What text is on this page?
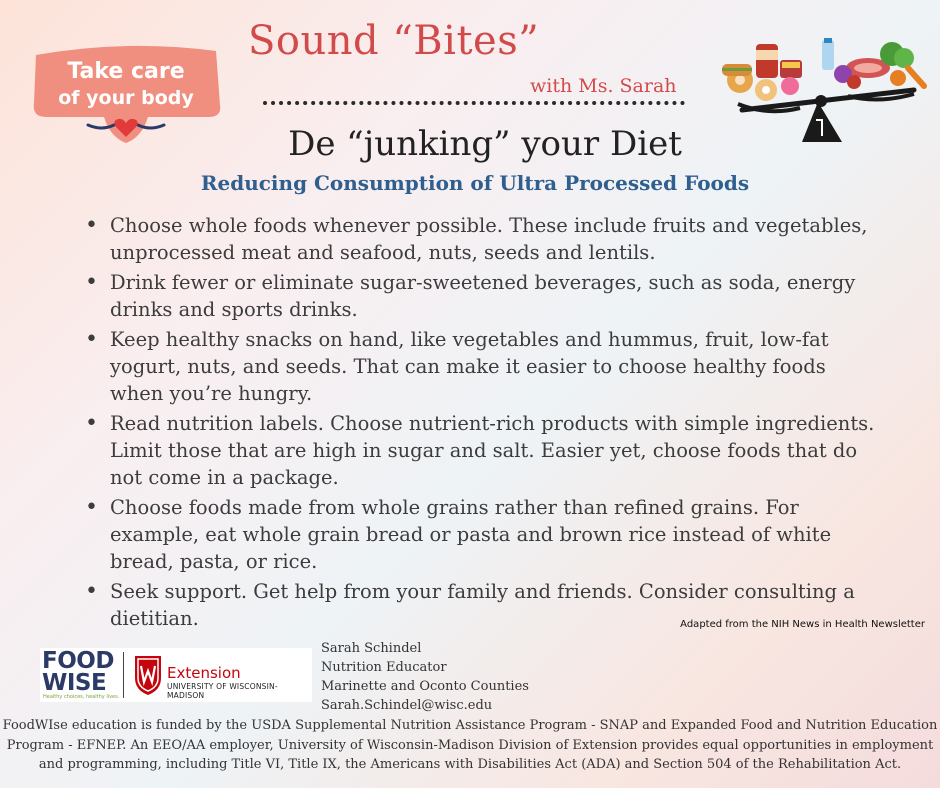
Take care
of your body
Sound “Bites”
with Ms. Sarah
De “junking” your Diet
Reducing Consumption of Ultra Processed Foods
• Choose whole foods whenever possible. These include fruits and vegetables, unprocessed meat and seafood, nuts, seeds and lentils.
• Drink fewer or eliminate sugar-sweetened beverages, such as soda, energy drinks and sports drinks.
• Keep healthy snacks on hand, like vegetables and hummus, fruit, low-fat yogurt, nuts, and seeds. That can make it easier to choose healthy foods when you’re hungry.
• Read nutrition labels. Choose nutrient-rich products with simple ingredients. Limit those that are high in sugar and salt. Easier yet, choose foods that do not come in a package.
• Choose foods made from whole grains rather than refined grains. For example, eat whole grain bread or pasta and brown rice instead of white bread, pasta, or rice.
• Seek support. Get help from your family and friends. Consider consulting a dietitian.	Adapted from the NIH News in Health Newsletter
FOOD
WISE
Healthy choices, healthy lives.
Extension
UNIVERSITY OF WISCONSIN-MADISON
Sarah Schindel
Nutrition Educator
Marinette and Oconto Counties
Sarah.Schindel@wisc.edu
FoodWIse education is funded by the USDA Supplemental Nutrition Assistance Program - SNAP and Expanded Food and Nutrition Education
Program - EFNEP. An EEO/AA employer, University of Wisconsin-Madison Division of Extension provides equal opportunities in employment
and programming, including Title VI, Title IX, the Americans with Disabilities Act (ADA) and Section 504 of the Rehabilitation Act.
